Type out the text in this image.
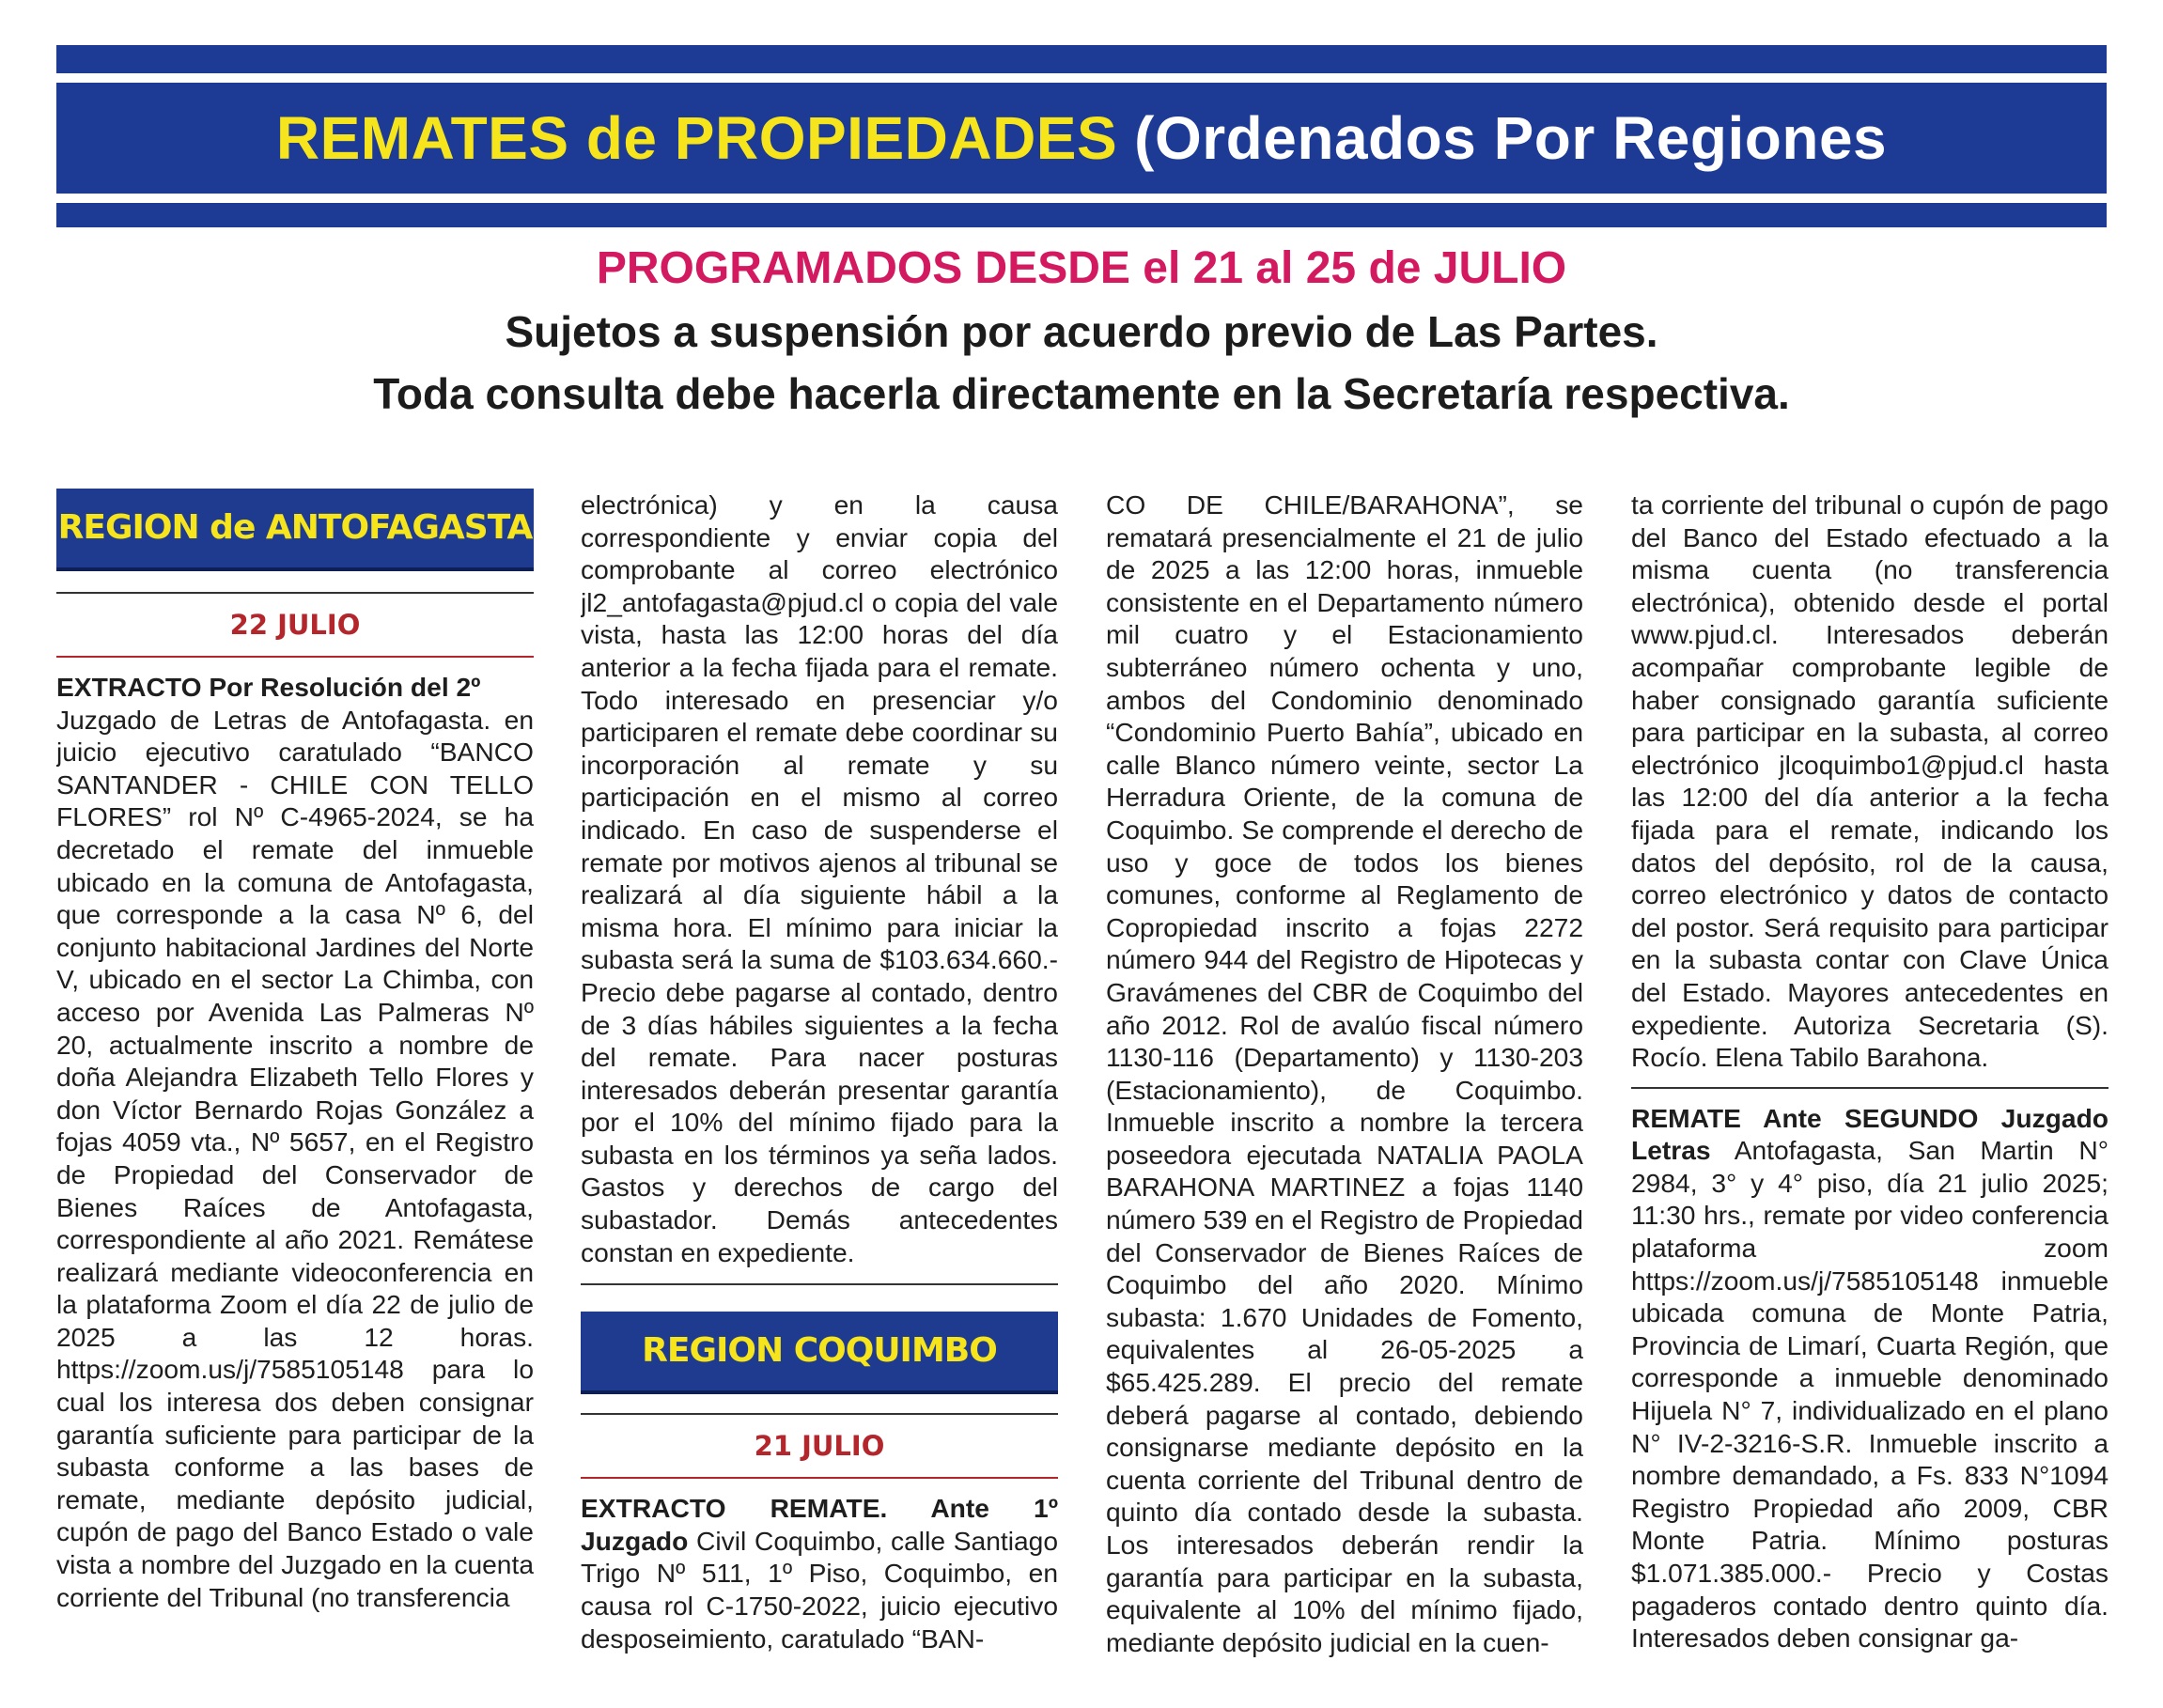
REMATES de PROPIEDADES (Ordenados Por Regiones
PROGRAMADOS DESDE el 21 al 25 de JULIO
Sujetos a suspensión por acuerdo previo de Las Partes.
Toda consulta debe hacerla directamente en la Secretaría respectiva.
REGION de ANTOFAGASTA
22 JULIO

EXTRACTO Por Resolución del 2º

Juzgado de Letras de Antofagasta. en juicio ejecutivo caratulado “BANCO SANTANDER - CHILE CON TELLO FLORES” rol Nº C-4965-2024, se ha decretado el remate del inmueble ubicado en la comuna de Antofagasta, que corresponde a la casa Nº 6, del conjunto habitacional Jardines del Norte V, ubicado en el sector La Chimba, con acceso por Avenida Las Palmeras Nº 20, actualmente inscrito a nombre de doña Alejandra Elizabeth Tello Flores y don Víctor Bernardo Rojas González a fojas 4059 vta., Nº 5657, en el Registro de Propiedad del Conservador de Bienes Raíces de Antofagasta, correspondiente al año 2021. Remátese realizará mediante videoconferencia en la plataforma Zoom el día 22 de julio de 2025 a las 12 horas. https://zoom.us/j/7585105148 para lo cual los interesa dos deben consignar garantía suficiente para participar de la subasta conforme a las bases de remate, mediante depósito judicial, cupón de pago del Banco Estado o vale vista a nombre del Juzgado en la cuenta corriente del Tribunal (no transferencia

electrónica) y en la causa correspondiente y enviar copia del comprobante al correo electrónico jl2_antofagasta@pjud.cl o copia del vale vista, hasta las 12:00 horas del día anterior a la fecha fijada para el remate. Todo interesado en presenciar y/o participaren el remate debe coordinar su incorporación al remate y su participación en el mismo al correo indicado. En caso de suspenderse el remate por motivos ajenos al tribunal se realizará al día siguiente hábil a la misma hora. El mínimo para iniciar la subasta será la suma de $103.634.660.- Precio debe pagarse al contado, dentro de 3 días hábiles siguientes a la fecha del remate. Para nacer posturas interesados deberán presentar garantía por el 10% del mínimo fijado para la subasta en los términos ya seña lados. Gastos y derechos de cargo del subastador. Demás antecedentes constan en expediente.

REGION COQUIMBO
21 JULIO

EXTRACTO REMATE. Ante 1º Juzgado Civil Coquimbo, calle Santiago Trigo Nº 511, 1º Piso, Coquimbo, en causa rol C-1750-2022, juicio ejecutivo desposeimiento, caratulado “BAN-

CO DE CHILE/BARAHONA”, se rematará presencialmente el 21 de julio de 2025 a las 12:00 horas, inmueble consistente en el Departamento número mil cuatro y el Estacionamiento subterráneo número ochenta y uno, ambos del Condominio denominado “Condominio Puerto Bahía”, ubicado en calle Blanco número veinte, sector La Herradura Oriente, de la comuna de Coquimbo. Se comprende el derecho de uso y goce de todos los bienes comunes, conforme al Reglamento de Copropiedad inscrito a fojas 2272 número 944 del Registro de Hipotecas y Gravámenes del CBR de Coquimbo del año 2012. Rol de avalúo fiscal número 1130-116 (Departamento) y 1130-203 (Estacionamiento), de Coquimbo. Inmueble inscrito a nombre la tercera poseedora ejecutada NATALIA PAOLA BARAHONA MARTINEZ a fojas 1140 número 539 en el Registro de Propiedad del Conservador de Bienes Raíces de Coquimbo del año 2020. Mínimo subasta: 1.670 Unidades de Fomento, equivalentes al 26-05-2025 a $65.425.289. El precio del remate deberá pagarse al contado, debiendo consignarse mediante depósito en la cuenta corriente del Tribunal dentro de quinto día contado desde la subasta. Los interesados deberán rendir la garantía para participar en la subasta, equivalente al 10% del mínimo fijado, mediante depósito judicial en la cuen-

ta corriente del tribunal o cupón de pago del Banco del Estado efectuado a la misma cuenta (no transferencia electrónica), obtenido desde el portal www.pjud.cl. Interesados deberán acompañar comprobante legible de haber consignado garantía suficiente para participar en la subasta, al correo electrónico jlcoquimbo1@pjud.cl hasta las 12:00 del día anterior a la fecha fijada para el remate, indicando los datos del depósito, rol de la causa, correo electrónico y datos de contacto del postor. Será requisito para participar en la subasta contar con Clave Única del Estado. Mayores antecedentes en expediente. Autoriza Secretaria (S). Rocío. Elena Tabilo Barahona.

REMATE Ante SEGUNDO Juzgado Letras Antofagasta, San Martin N° 2984, 3° y 4° piso, día 21 julio 2025; 11:30 hrs., remate por video conferencia plataforma zoom https://zoom.us/j/7585105148 inmueble ubicada comuna de Monte Patria, Provincia de Limarí, Cuarta Región, que corresponde a inmueble denominado Hijuela N° 7, individualizado en el plano N° IV-2-3216-S.R. Inmueble inscrito a nombre demandado, a Fs. 833 N°1094 Registro Propiedad año 2009, CBR Monte Patria. Mínimo posturas $1.071.385.000.- Precio y Costas pagaderos contado dentro quinto día. Interesados deben consignar ga-
